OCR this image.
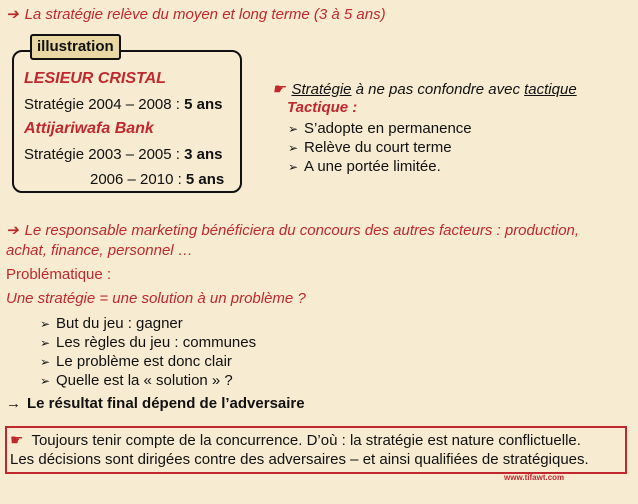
➔ La stratégie relève du moyen et long terme (3 à 5 ans)
illustration
LESIEUR CRISTAL
Stratégie 2004 – 2008 : 5 ans
Attijariwafa Bank
Stratégie 2003 – 2005 : 3 ans
2006 – 2010 : 5 ans
☛ Stratégie à ne pas confondre avec tactique
Tactique :
➢ S’adopte en permanence
➢ Relève du court terme
➢ A une portée limitée.
➔ Le responsable marketing bénéficiera du concours des autres facteurs : production,
achat, finance, personnel …
Problématique :
Une stratégie = une solution à un problème ?
➢ But du jeu : gagner
➢ Les règles du jeu : communes
➢ Le problème est donc clair
➢ Quelle est la « solution » ?
→ Le résultat final dépend de l’adversaire
☛ Toujours tenir compte de la concurrence. D’où : la stratégie est nature conflictuelle.
Les décisions sont dirigées contre des adversaires – et ainsi qualifiées de stratégiques.
www.tifawt.com
